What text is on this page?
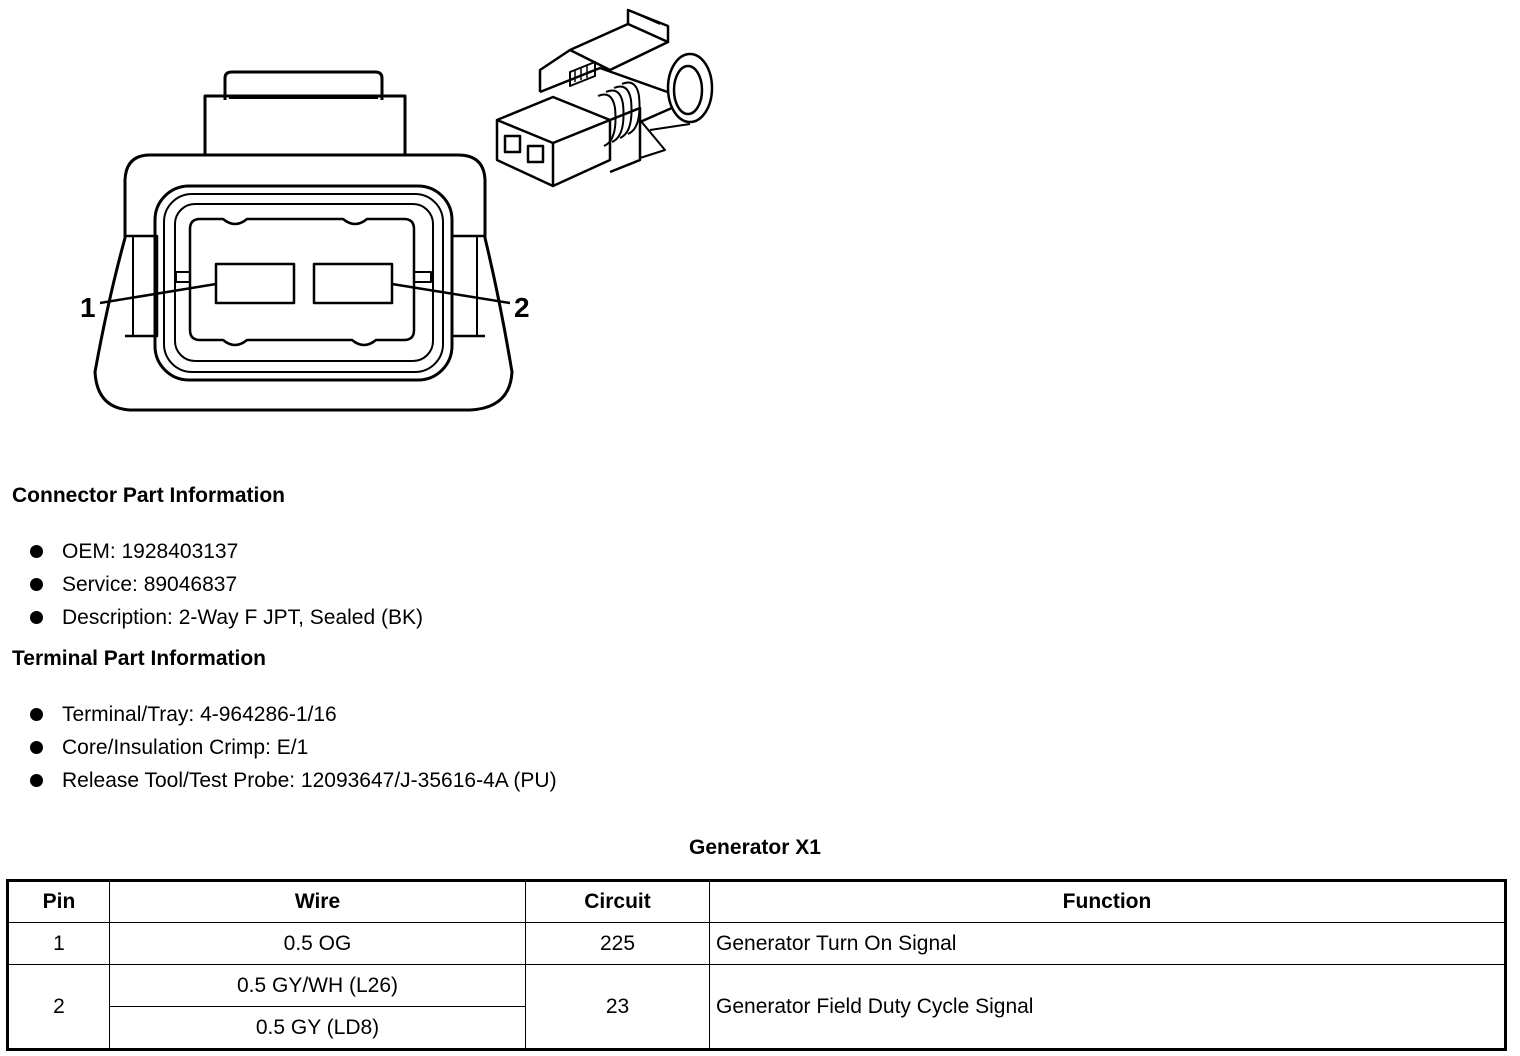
1	2
Connector Part Information
OEM: 1928403137
Service: 89046837
Description: 2-Way F JPT, Sealed (BK)
Terminal Part Information
Terminal/Tray: 4-964286-1/16
Core/Insulation Crimp: E/1
Release Tool/Test Probe: 12093647/J-35616-4A (PU)
Generator X1
Pin	Wire	Circuit	Function
1	0.5 OG	225	Generator Turn On Signal
2	0.5 GY/WH (L26)	23	Generator Field Duty Cycle Signal
	0.5 GY (LD8)		
